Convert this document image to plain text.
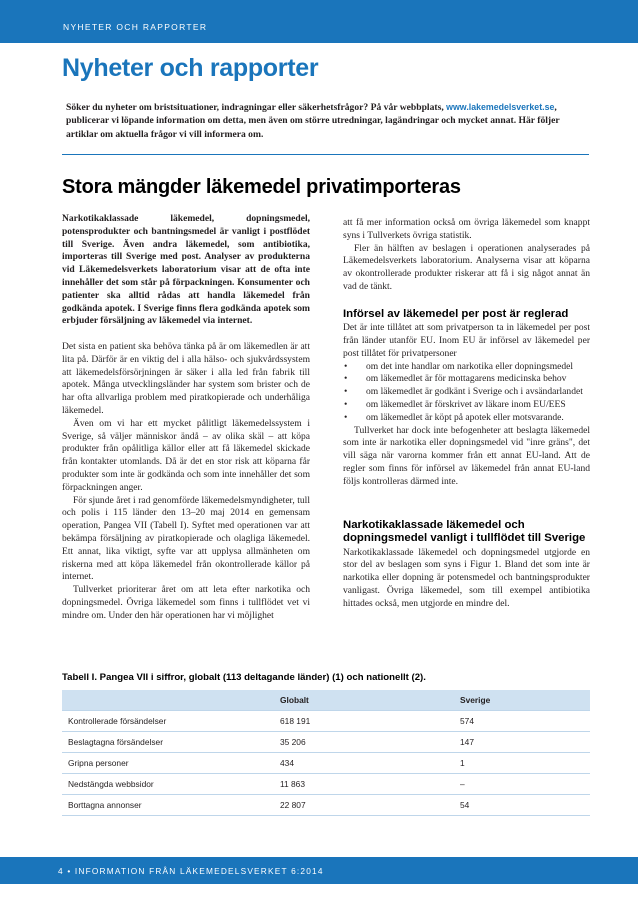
NYHETER OCH RAPPORTER
Nyheter och rapporter
Söker du nyheter om bristsituationer, indragningar eller säkerhetsfrågor? På vår webbplats, www.lakemedelsverket.se, publicerar vi löpande information om detta, men även om större utredningar, lagändringar och mycket annat. Här följer artiklar om aktuella frågor vi vill informera om.
Stora mängder läkemedel privatimporteras

Narkotikaklassade läkemedel, dopningsmedel, potensprodukter och bantningsmedel är vanligt i postflödet till Sverige. Även andra läkemedel, som antibiotika, importeras till Sverige med post. Analyser av produkterna vid Läkemedelsverkets laboratorium visar att de ofta inte innehåller det som står på förpackningen. Konsumenter och patienter ska alltid rådas att handla läkemedel från godkända apotek. I Sverige finns flera godkända apotek som erbjuder försäljning av läkemedel via internet.

Det sista en patient ska behöva tänka på är om läkemedlen är att lita på. Därför är en viktig del i alla hälso- och sjukvårdssystem att läkemedelsförsörjningen är säker i alla led från fabrik till apotek. Många utvecklingsländer har system som brister och de har ofta allvarliga problem med piratkopierade och underhåliga läkemedel.

Även om vi har ett mycket pålitligt läkemedelssystem i Sverige, så väljer människor ändå – av olika skäl – att köpa produkter från opålitliga källor eller att få läkemedel skickade från kontakter utomlands. Då är det en stor risk att köparna får produkter som inte är godkända och som inte innehåller det som förpackningen anger.

För sjunde året i rad genomförde läkemedelsmyndigheter, tull och polis i 115 länder den 13–20 maj 2014 en gemensam operation, Pangea VII (Tabell I). Syftet med operationen var att bekämpa försäljning av piratkopierade och olagliga läkemedel. Ett annat, lika viktigt, syfte var att upplysa allmänheten om riskerna med att köpa läkemedel från okontrollerade källor på internet.

Tullverket prioriterar året om att leta efter narkotika och dopningsmedel. Övriga läkemedel som finns i tullflödet vet vi mindre om. Under den här operationen har vi möjlighet

att få mer information också om övriga läkemedel som knappt syns i Tullverkets övriga statistik.

Fler än hälften av beslagen i operationen analyserades på Läkemedelsverkets laboratorium. Analyserna visar att köparna av okontrollerade produkter riskerar att få i sig något annat än vad de tänkt.

Införsel av läkemedel per post är reglerad

Det är inte tillåtet att som privatperson ta in läkemedel per post från länder utanför EU. Inom EU är införsel av läkemedel per post tillåtet för privatpersoner

• om det inte handlar om narkotika eller dopningsmedel
• om läkemedlet är för mottagarens medicinska behov
• om läkemedlet är godkänt i Sverige och i avsändarlandet
• om läkemedlet är förskrivet av läkare inom EU/EES
• om läkemedlet är köpt på apotek eller motsvarande.

Tullverket har dock inte befogenheter att beslagta läkemedel som inte är narkotika eller dopningsmedel vid "inre gräns", det vill säga när varorna kommer från ett annat EU-land. Att de regler som finns för införsel av läkemedel från annat EU-land följs kontrolleras därmed inte.

Narkotikaklassade läkemedel och dopningsmedel vanligt i tullflödet till Sverige

Narkotikaklassade läkemedel och dopningsmedel utgjorde en stor del av beslagen som syns i Figur 1. Bland det som inte är narkotika eller dopning är potensmedel och bantningsprodukter vanligast. Övriga läkemedel, som till exempel antibiotika hittades också, men utgjorde en mindre del.

Tabell I. Pangea VII i siffror, globalt (113 deltagande länder) (1) och nationellt (2).
	Globalt	Sverige
Kontrollerade försändelser	618 191	574
Beslagtagna försändelser	35 206	147
Gripna personer	434	1
Nedstängda webbsidor	11 863	–
Borttagna annonser	22 807	54
4 • INFORMATION FRÅN LÄKEMEDELSVERKET 6:2014
